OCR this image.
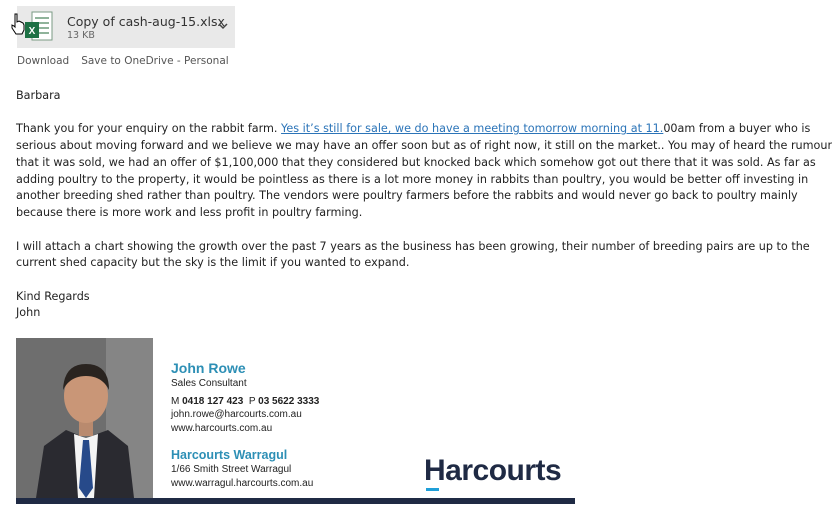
X
Copy of cash-aug-15.xlsx
13 KB
Download Save to OneDrive - Personal

Barbara

Thank you for your enquiry on the rabbit farm. Yes it’s still for sale, we do have a meeting tomorrow morning at 11.00am from a buyer who is

serious about moving forward and we believe we may have an offer soon but as of right now, it still on the market.. You may of heard the rumour

that it was sold, we had an offer of $1,100,000 that they considered but knocked back which somehow got out there that it was sold. As far as

adding poultry to the property, it would be pointless as there is a lot more money in rabbits than poultry, you would be better off investing in

another breeding shed rather than poultry. The vendors were poultry farmers before the rabbits and would never go back to poultry mainly

because there is more work and less profit in poultry farming.

I will attach a chart showing the growth over the past 7 years as the business has been growing, their number of breeding pairs are up to the

current shed capacity but the sky is the limit if you wanted to expand.

Kind Regards

John

John Rowe
Sales Consultant
M 0418 127 423 P 03 5622 3333
john.rowe@harcourts.com.au
www.harcourts.com.au
Harcourts Warragul
1/66 Smith Street Warragul
www.warragul.harcourts.com.au	Harcourts
